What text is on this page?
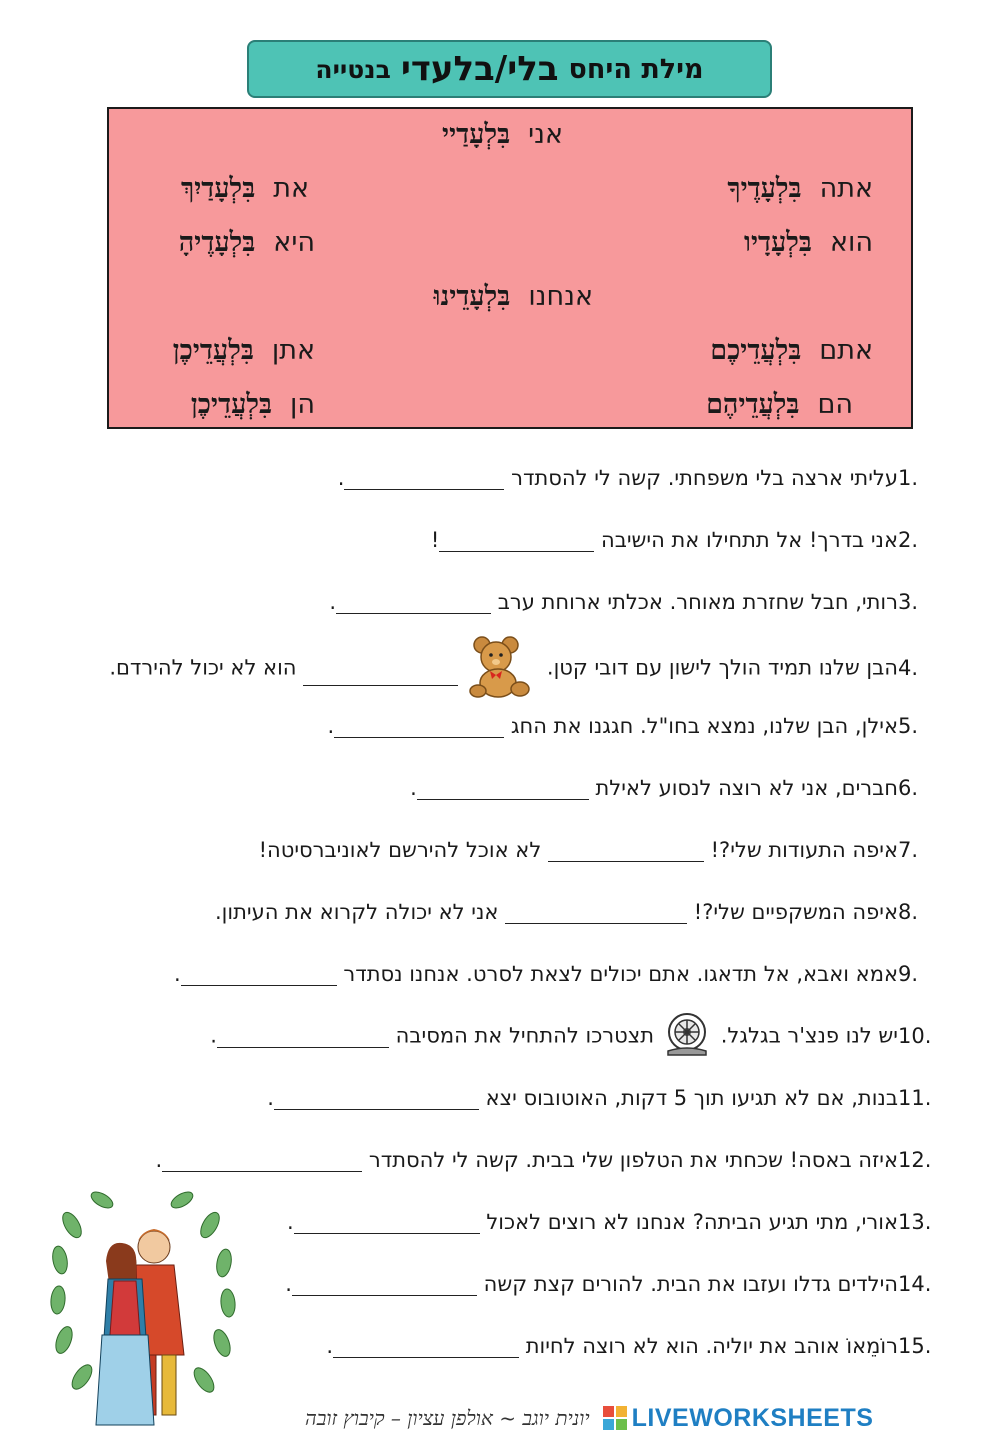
מילת היחס
בלי/בלעדי
בנטייה
אניבִּלְעָדַיי
אתהבִּלְעָדֶיךָ
אתבִּלְעָדַיִךְ
הואבִּלְעָדָיו
היאבִּלְעָדֶיהָ
אנחנובִּלְעָדֵינוּ
אתםבִּלְעֲדֵיכֶם
אתןבִּלְעֲדֵיכֶן
הםבִּלְעֲדֵיהֶם
הןבִּלְעֲדֵיכֶן
1.עליתי ארצה בלי משפחתי. קשה לי להסתדר .
2.אני בדרך! אל תתחילו את הישיבה !
3.רותי, חבל שחזרת מאוחר. אכלתי ארוחת ערב .
4.הבן שלנו תמיד הולך לישון עם דובי קטן.  הוא לא יכול להירדם.
5.אילן, הבן שלנו, נמצא בחו"ל. חגגנו את החג .
6.חברים, אני לא רוצה לנסוע לאילת .
7.איפה התעודות שלי?!  לא אוכל להירשם לאוניברסיטה!
8.איפה המשקפיים שלי?!  אני לא יכולה לקרוא את העיתון.
9.אמא ואבא, אל תדאגו. אתם יכולים לצאת לסרט. אנחנו נסתדר .
10.יש לנו פנצ'ר בגלגל. תצטרכו להתחיל את המסיבה .
11.בנות, אם לא תגיעו תוך 5 דקות, האוטובוס יצא .
12.איזה באסה! שכחתי את הטלפון שלי בבית. קשה לי להסתדר .
13.אורי, מתי תגיע הביתה? אנחנו לא רוצים לאכול .
14.הילדים גדלו ועזבו את הבית. להורים קצת קשה .
15.רוֹמֵאוֹ אוהב את יוליה. הוא לא רוצה לחיות .
יונית יוגב ~ אולפן עציון – קיבוץ זובה LIVEWORKSHEETS
